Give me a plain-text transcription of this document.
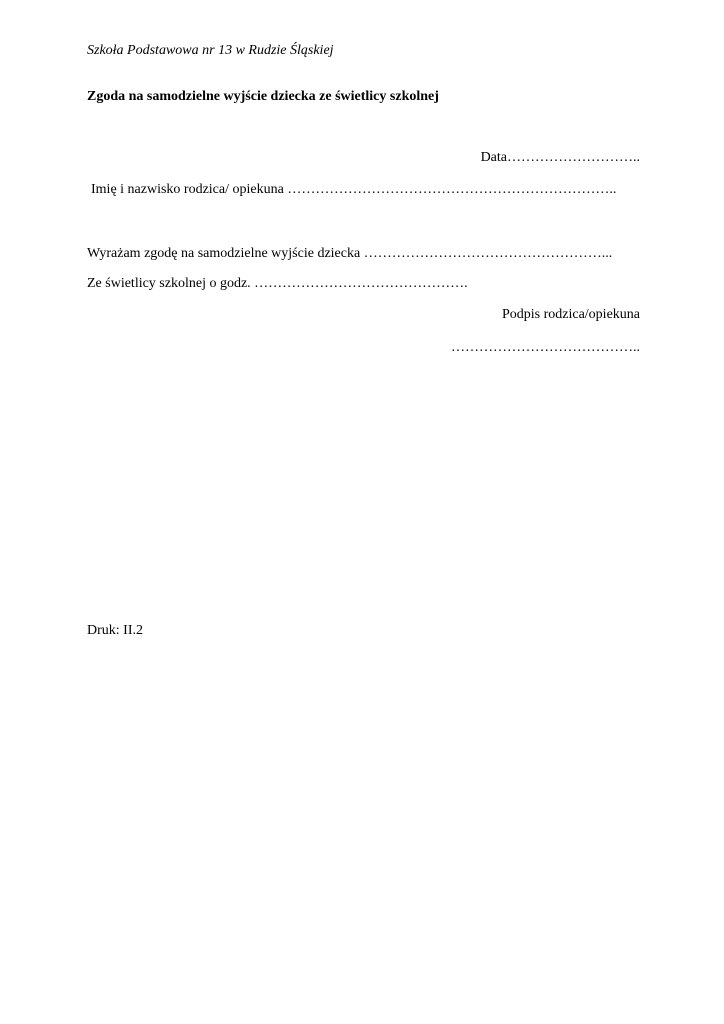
Szkoła Podstawowa nr 13 w Rudzie Śląskiej
Zgoda na samodzielne wyjście dziecka ze świetlicy szkolnej
Data………………………..
Imię i nazwisko rodzica/ opiekuna ……………………………………………………………..
Wyrażam zgodę na samodzielne wyjście dziecka ……………………………………………...
Ze świetlicy szkolnej o godz. ……………………………………….
Podpis rodzica/opiekuna
…………………………………..
Druk: II.2
